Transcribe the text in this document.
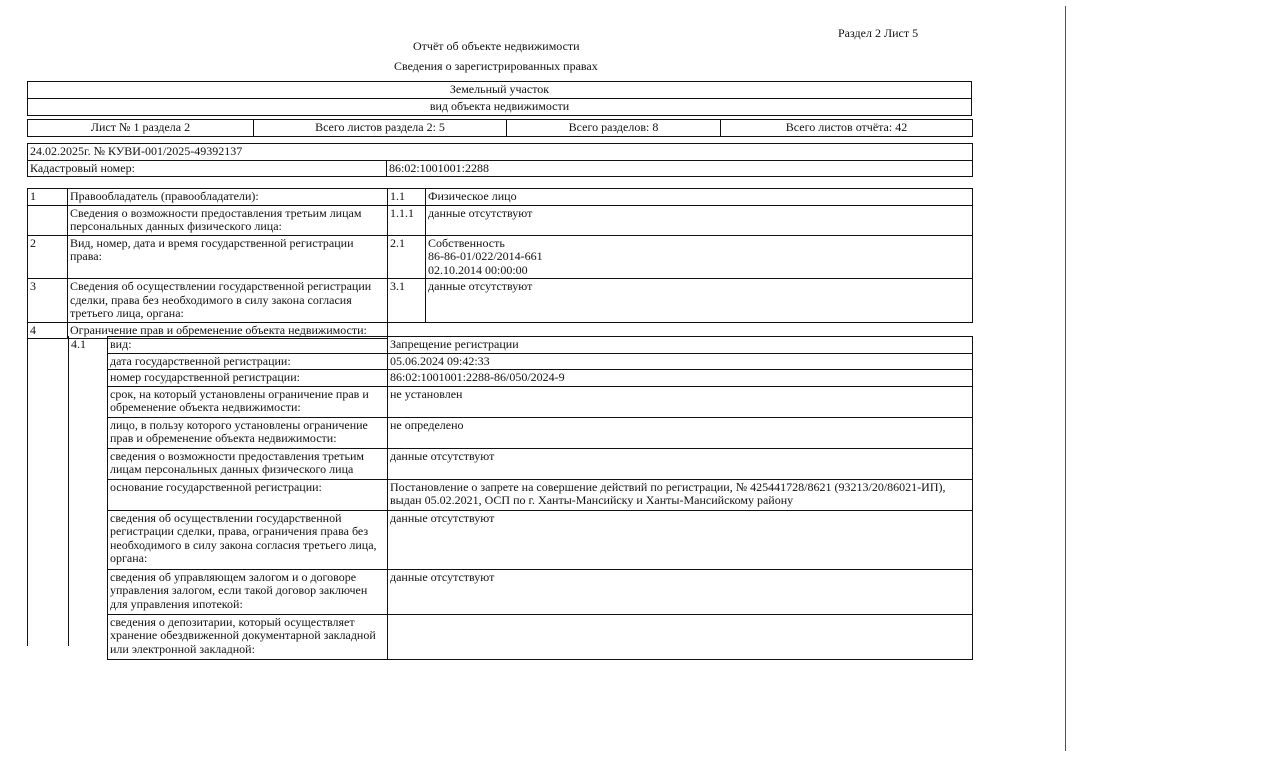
Раздел 2 Лист 5
Отчёт об объекте недвижимости
Сведения о зарегистрированных правах
Земельный участок
вид объекта недвижимости
Лист № 1 раздела 2	Всего листов раздела 2: 5	Всего разделов: 8	Всего листов отчёта: 42
24.02.2025г. № КУВИ-001/2025-49392137
Кадастровый номер:	86:02:1001001:2288
1	Правообладатель (правообладатели):	1.1	Физическое лицо
	Сведения о возможности предоставления третьим лицам персональных данных физического лица:	1.1.1	данные отсутствуют
2	Вид, номер, дата и время государственной регистрации права:	2.1	Собственность
86-86-01/022/2014-661
02.10.2014 00:00:00
3	Сведения об осуществлении государственной регистрации сделки, права без необходимого в силу закона согласия третьего лица, органа:	3.1	данные отсутствуют
4	Ограничение прав и обременение объекта недвижимости:		
4.1	вид:	Запрещение регистрации
дата государственной регистрации:	05.06.2024 09:42:33
номер государственной регистрации:	86:02:1001001:2288-86/050/2024-9
срок, на который установлены ограничение прав и обременение объекта недвижимости:	не установлен
лицо, в пользу которого установлены ограничение прав и обременение объекта недвижимости:	не определено
сведения о возможности предоставления третьим лицам персональных данных физического лица	данные отсутствуют
основание государственной регистрации:	Постановление о запрете на совершение действий по регистрации, № 425441728/8621 (93213/20/86021-ИП), выдан 05.02.2021, ОСП по г. Ханты-Мансийску и Ханты-Мансийскому району
сведения об осуществлении государственной регистрации сделки, права, ограничения права без необходимого в силу закона согласия третьего лица, органа:	данные отсутствуют
сведения об управляющем залогом и о договоре управления залогом, если такой договор заключен для управления ипотекой:	данные отсутствуют
сведения о депозитарии, который осуществляет хранение обездвиженной документарной закладной или электронной закладной:	
